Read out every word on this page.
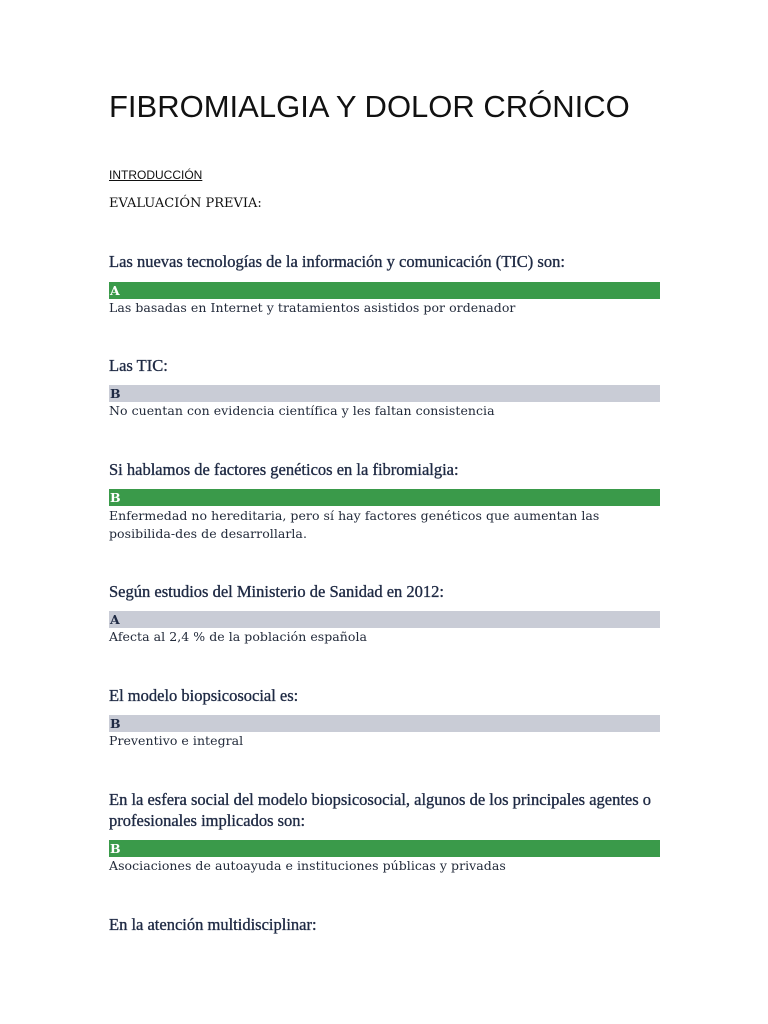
FIBROMIALGIA Y DOLOR CRÓNICO
INTRODUCCIÓN
EVALUACIÓN PREVIA:

Las nuevas tecnologías de la información y comunicación (TIC) son:

A
Las basadas en Internet y tratamientos asistidos por ordenador

Las TIC:

B
No cuentan con evidencia científica y les faltan consistencia

Si hablamos de factores genéticos en la fibromialgia:

B
Enfermedad no hereditaria, pero sí hay factores genéticos que aumentan las posibilida-des de desarrollarla.

Según estudios del Ministerio de Sanidad en 2012:

A
Afecta al 2,4 % de la población española

El modelo biopsicosocial es:

B
Preventivo e integral

En la esfera social del modelo biopsicosocial, algunos de los principales agentes o profesionales implicados son:

B
Asociaciones de autoayuda e instituciones públicas y privadas

En la atención multidisciplinar:
